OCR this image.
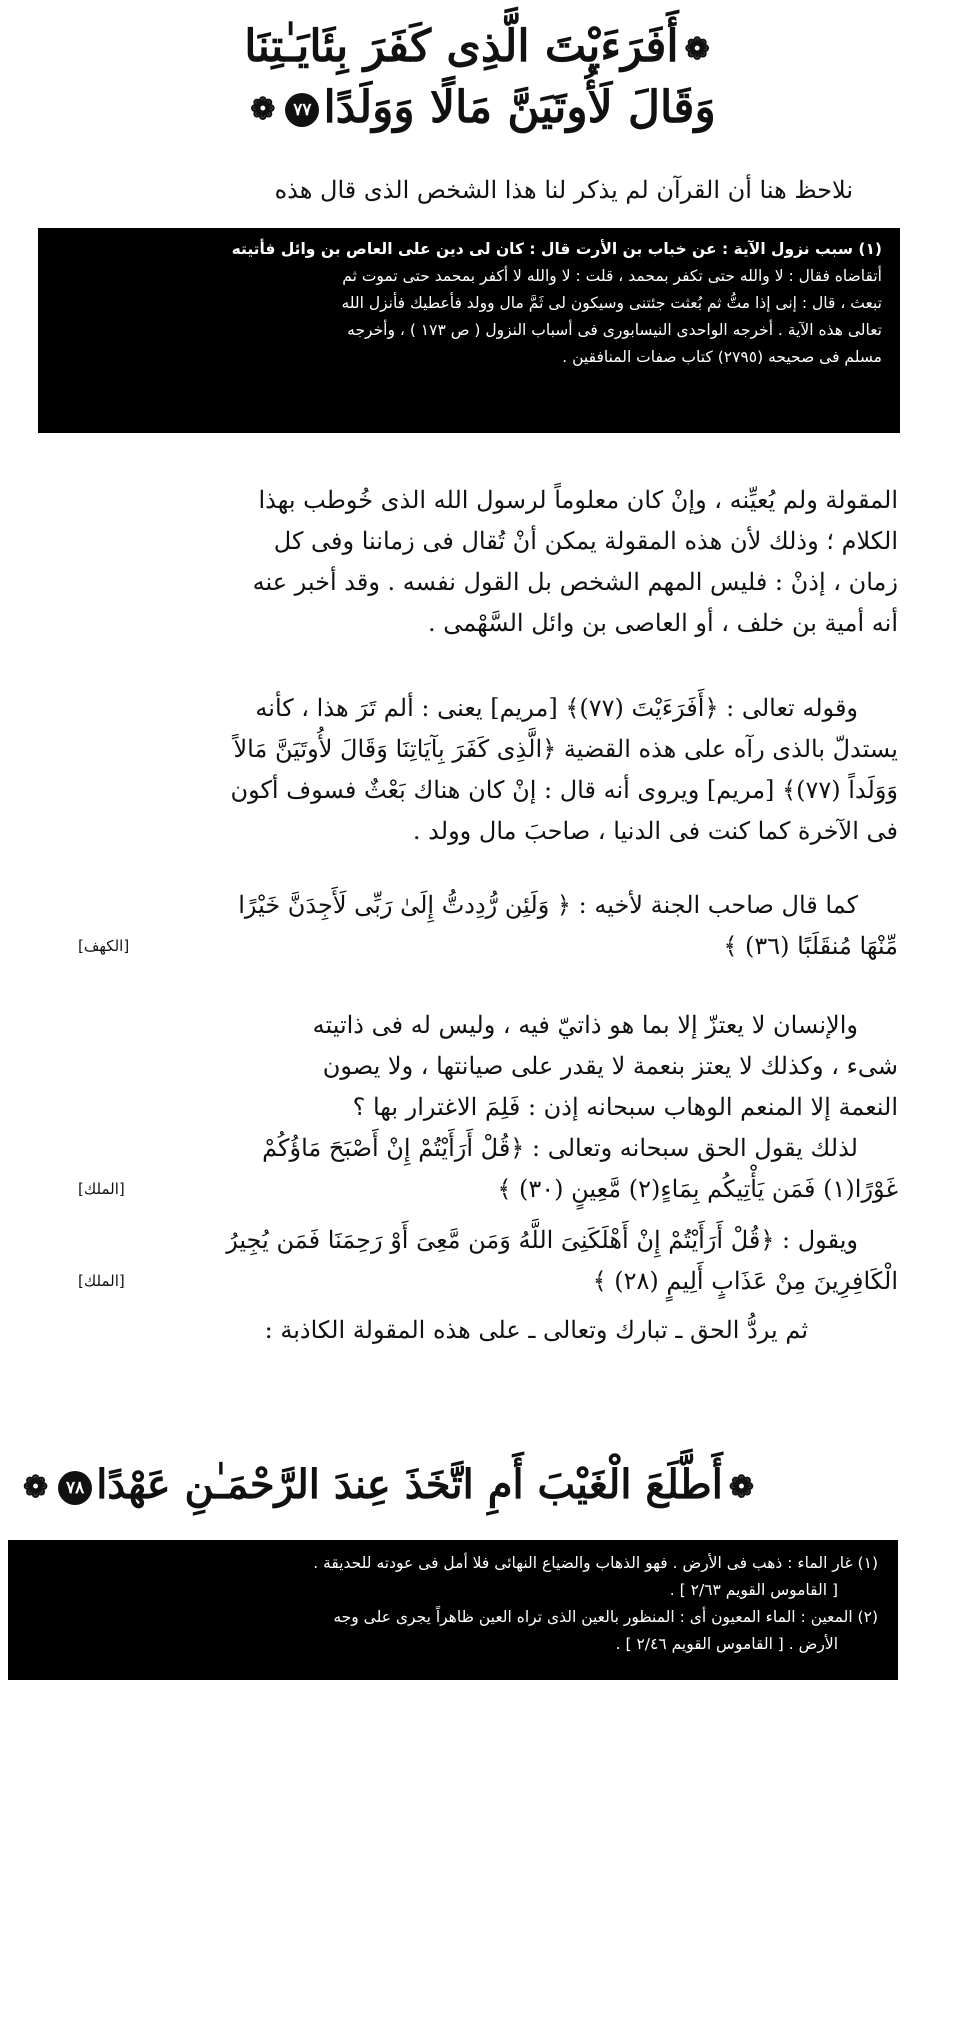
❁أَفَرَءَيْتَ الَّذِى كَفَرَ بِئَايَـٰتِنَا
وَقَالَ لَأُوتَيَنَّ مَالًا وَوَلَدًا٧٧❁
نلاحظ هنا أن القرآن لم يذكر لنا هذا الشخص الذى قال هذه
(١) سبب نزول الآية : عن خباب بن الأرت قال : كان لى دين على العاص بن وائل فأتيته
أتقاضاه فقال : لا والله حتى تكفر بمحمد ، قلت : لا والله لا أكفر بمحمد حتى تموت ثم
تبعث ، قال : إنى إذا متُّ ثم بُعثت جئتنى وسيكون لى ثَمَّ مال وولد فأعطيك فأنزل الله
تعالى هذه الآية . أخرجه الواحدى النيسابورى فى أسباب النزول ( ص ١٧٣ ) ، وأخرجه
مسلم فى صحيحه (٢٧٩٥) كتاب صفات المنافقين .
المقولة ولم يُعيِّنه ، وإنْ كان معلوماً لرسول الله الذى خُوطب بهذا
الكلام ؛ وذلك لأن هذه المقولة يمكن أنْ تُقال فى زماننا وفى كل
زمان ، إذنْ : فليس المهم الشخص بل القول نفسه . وقد أخبر عنه
أنه أمية بن خلف ، أو العاصى بن وائل السَّهْمى .
وقوله تعالى : ﴿أَفَرَءَيْتَ (٧٧)﴾ [مريم] يعنى : ألم تَرَ هذا ، كأنه
يستدلّ بالذى رآه على هذه القضية ﴿الَّذِى كَفَرَ بِآيَاتِنَا وَقَالَ لأُوتَيَنَّ مَالاً
وَوَلَداً (٧٧)﴾ [مريم] ويروى أنه قال : إنْ كان هناك بَعْثٌ فسوف أكون
فى الآخرة كما كنت فى الدنيا ، صاحبَ مال وولد .
كما قال صاحب الجنة لأخيه : ﴿ وَلَئِن رُّدِدتُّ إِلَىٰ رَبِّى لَأَجِدَنَّ خَيْرًا
مِّنْهَا مُنقَلَبًا (٣٦) ﴾
[الكهف]
والإنسان لا يعتزّ إلا بما هو ذاتيّ فيه ، وليس له فى ذاتيته
شىء ، وكذلك لا يعتز بنعمة لا يقدر على صيانتها ، ولا يصون
النعمة إلا المنعم الوهاب سبحانه إذن : فَلِمَ الاغترار بها ؟
لذلك يقول الحق سبحانه وتعالى : ﴿قُلْ أَرَأَيْتُمْ إِنْ أَصْبَحَ مَاؤُكُمْ
غَوْرًا(١) فَمَن يَأْتِيكُم بِمَاءٍ(٢) مَّعِينٍ (٣٠) ﴾
[الملك]
ويقول : ﴿قُلْ أَرَأَيْتُمْ إِنْ أَهْلَكَنِىَ اللَّهُ وَمَن مَّعِىَ أَوْ رَحِمَنَا فَمَن يُجِيرُ
الْكَافِرِينَ مِنْ عَذَابٍ أَلِيمٍ (٢٨) ﴾
[الملك]
ثم يردُّ الحق ـ تبارك وتعالى ـ على هذه المقولة الكاذبة :
❁أَطَّلَعَ الْغَيْبَ أَمِ اتَّخَذَ عِندَ الرَّحْمَـٰنِ عَهْدًا٧٨❁
(١) غار الماء : ذهب فى الأرض . فهو الذهاب والضياع النهائى فلا أمل فى عودته للحديقة .
[ القاموس القويم ٢/٦٣ ] .
(٢) المعين : الماء المعيون أى : المنظور بالعين الذى تراه العين ظاهراً يجرى على وجه
الأرض . [ القاموس القويم ٢/٤٦ ] .
